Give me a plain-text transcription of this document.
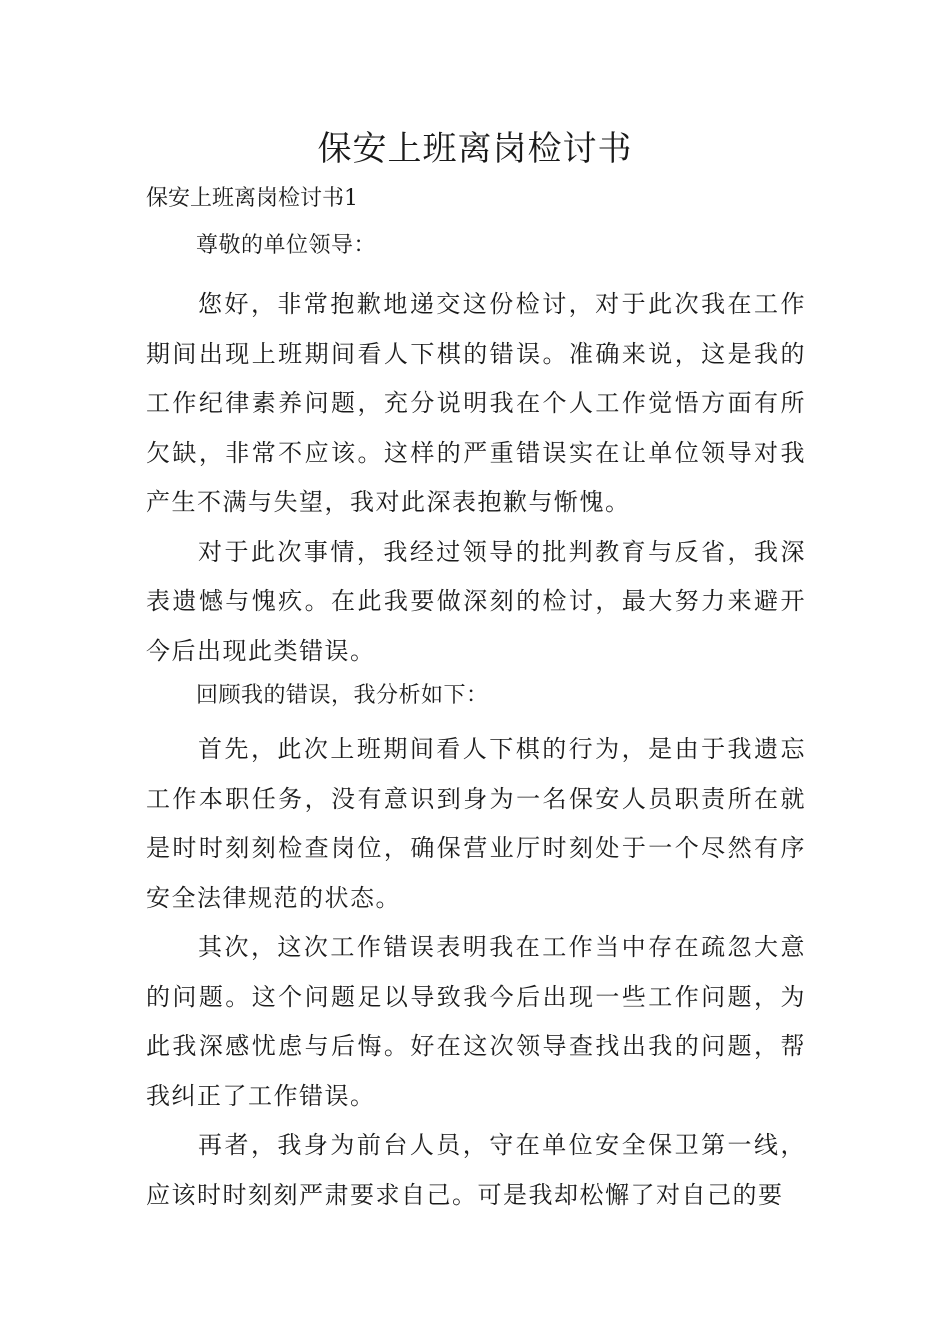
保安上班离岗检讨书

保安上班离岗检讨书1

尊敬的单位领导：

您好，非常抱歉地递交这份检讨，对于此次我在工作期间出现上班期间看人下棋的错误。准确来说，这是我的工作纪律素养问题，充分说明我在个人工作觉悟方面有所欠缺，非常不应该。这样的严重错误实在让单位领导对我产生不满与失望，我对此深表抱歉与惭愧。

对于此次事情，我经过领导的批判教育与反省，我深表遗憾与愧疚。在此我要做深刻的检讨，最大努力来避开今后出现此类错误。

回顾我的错误，我分析如下：

首先，此次上班期间看人下棋的行为，是由于我遗忘工作本职任务，没有意识到身为一名保安人员职责所在就是时时刻刻检查岗位，确保营业厅时刻处于一个尽然有序安全法律规范的状态。

其次，这次工作错误表明我在工作当中存在疏忽大意的问题。这个问题足以导致我今后出现一些工作问题，为此我深感忧虑与后悔。好在这次领导查找出我的问题，帮我纠正了工作错误。

再者，我身为前台人员，守在单位安全保卫第一线，应该时时刻刻严肃要求自己。可是我却松懈了对自己的要
